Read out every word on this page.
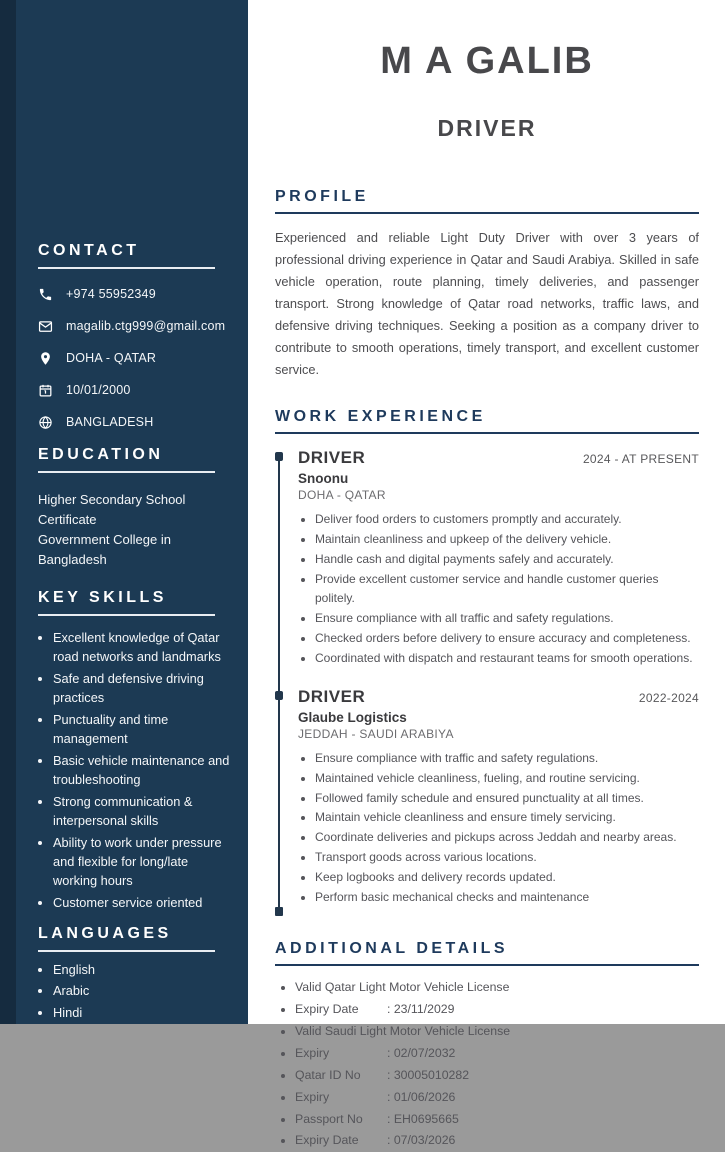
CONTACT
+974 55952349
magalib.ctg999@gmail.com
DOHA - QATAR
10/01/2000
BANGLADESH
EDUCATION

Higher Secondary School Certificate

Government College in Bangladesh

KEY SKILLS
• Excellent knowledge of Qatar road networks and landmarks
• Safe and defensive driving practices
• Punctuality and time management
• Basic vehicle maintenance and troubleshooting
• Strong communication & interpersonal skills
• Ability to work under pressure and flexible for long/late working hours
• Customer service oriented
LANGUAGES
• English
• Arabic
• Hindi
M A GALIB
DRIVER
PROFILE

Experienced and reliable Light Duty Driver with over 3 years of professional driving experience in Qatar and Saudi Arabiya. Skilled in safe vehicle operation, route planning, timely deliveries, and passenger transport. Strong knowledge of Qatar road networks, traffic laws, and defensive driving techniques. Seeking a position as a company driver to contribute to smooth operations, timely transport, and excellent customer service.

WORK EXPERIENCE
DRIVER	2024 - AT PRESENT
Snoonu
DOHA - QATAR
• Deliver food orders to customers promptly and accurately.
• Maintain cleanliness and upkeep of the delivery vehicle.
• Handle cash and digital payments safely and accurately.
• Provide excellent customer service and handle customer queries politely.
• Ensure compliance with all traffic and safety regulations.
• Checked orders before delivery to ensure accuracy and completeness.
• Coordinated with dispatch and restaurant teams for smooth operations.
DRIVER	2022-2024
Glaube Logistics
JEDDAH - SAUDI ARABIYA
• Ensure compliance with traffic and safety regulations.
• Maintained vehicle cleanliness, fueling, and routine servicing.
• Followed family schedule and ensured punctuality at all times.
• Maintain vehicle cleanliness and ensure timely servicing.
• Coordinate deliveries and pickups across Jeddah and nearby areas.
• Transport goods across various locations.
• Keep logbooks and delivery records updated.
• Perform basic mechanical checks and maintenance
ADDITIONAL DETAILS
• Valid Qatar Light Motor Vehicle License
• Expiry Date : 23/11/2029
• Valid Saudi Light Motor Vehicle License
• Expiry	: 02/07/2032
• Qatar ID No : 30005010282
• Expiry	: 01/06/2026
• Passport No : EH0695665
• Expiry Date : 07/03/2026
